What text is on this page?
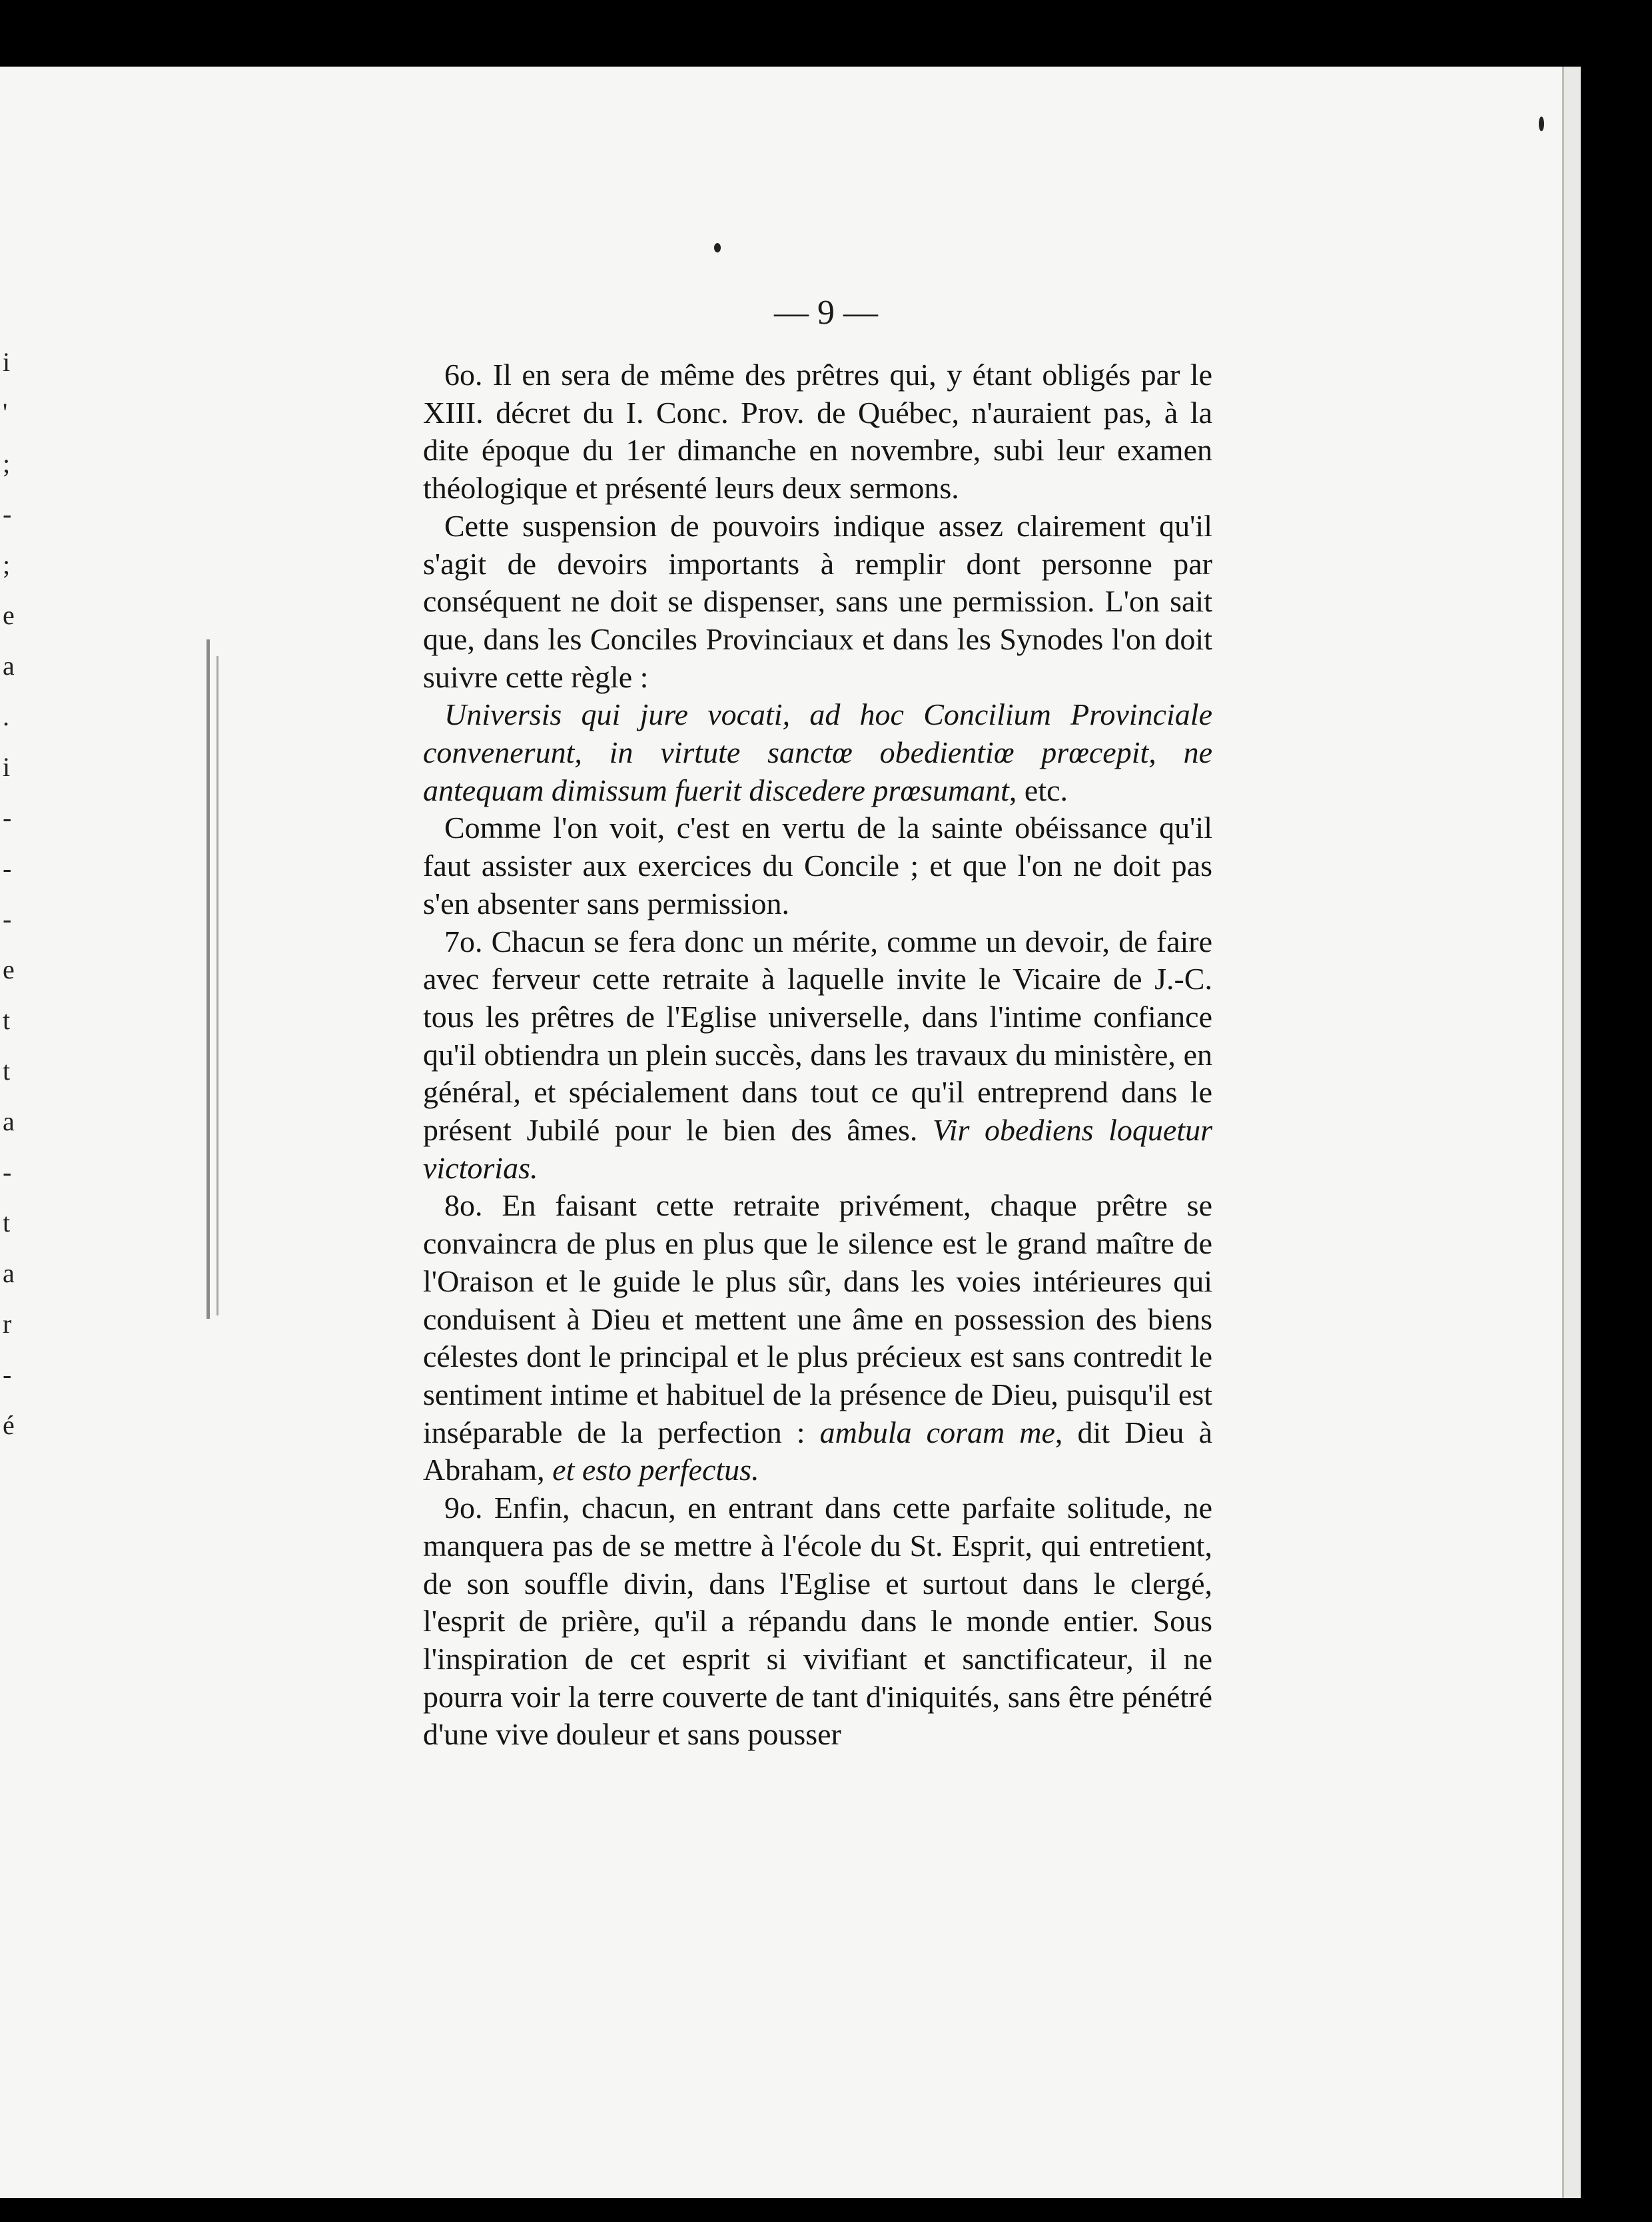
i
'
;
-
;
e
a
.
i
-
-
-
e
t
t
a
-
t
a
r
-
é
— 9 —

6o. Il en sera de même des prêtres qui, y étant obligés par le XIII. décret du I. Conc. Prov. de Québec, n'auraient pas, à la dite époque du 1er dimanche en novembre, subi leur examen théologique et présenté leurs deux sermons.

Cette suspension de pouvoirs indique assez clairement qu'il s'agit de devoirs importants à remplir dont personne par conséquent ne doit se dispenser, sans une permission. L'on sait que, dans les Conciles Provinciaux et dans les Synodes l'on doit suivre cette règle :

Universis qui jure vocati, ad hoc Concilium Provinciale convenerunt, in virtute sanctœ obedientiœ prœcepit, ne antequam dimissum fuerit discedere prœsumant, etc.

Comme l'on voit, c'est en vertu de la sainte obéissance qu'il faut assister aux exercices du Concile ; et que l'on ne doit pas s'en absenter sans permission.

7o. Chacun se fera donc un mérite, comme un devoir, de faire avec ferveur cette retraite à laquelle invite le Vicaire de J.-C. tous les prêtres de l'Eglise universelle, dans l'intime confiance qu'il obtiendra un plein succès, dans les travaux du ministère, en général, et spécialement dans tout ce qu'il entreprend dans le présent Jubilé pour le bien des âmes. Vir obediens loquetur victorias.

8o. En faisant cette retraite privément, chaque prêtre se convaincra de plus en plus que le silence est le grand maître de l'Oraison et le guide le plus sûr, dans les voies intérieures qui conduisent à Dieu et mettent une âme en possession des biens célestes dont le principal et le plus précieux est sans contredit le sentiment intime et habituel de la présence de Dieu, puisqu'il est inséparable de la perfection : ambula coram me, dit Dieu à Abraham, et esto perfectus.

9o. Enfin, chacun, en entrant dans cette parfaite solitude, ne manquera pas de se mettre à l'école du St. Esprit, qui entretient, de son souffle divin, dans l'Eglise et surtout dans le clergé, l'esprit de prière, qu'il a répandu dans le monde entier. Sous l'inspiration de cet esprit si vivifiant et sanctificateur, il ne pourra voir la terre couverte de tant d'iniquités, sans être pénétré d'une vive douleur et sans pousser
